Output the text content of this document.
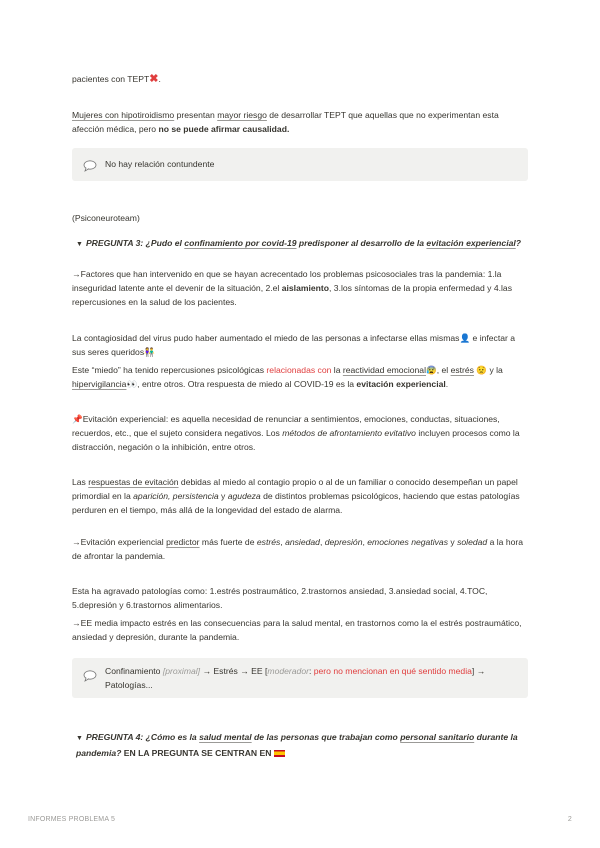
pacientes con TEPT✖.

Mujeres con hipotiroidismo presentan mayor riesgo de desarrollar TEPT que aquellas que no experimentan esta afección médica, pero no se puede afirmar causalidad.

No hay relación contundente

(Psiconeuroteam)

▼ PREGUNTA 3: ¿Pudo el confinamiento por covid-19 predisponer al desarrollo de la evitación experiencial?

→Factores que han intervenido en que se hayan acrecentado los problemas psicosociales tras la pandemia: 1.la inseguridad latente ante el devenir de la situación, 2.el aislamiento, 3.los síntomas de la propia enfermedad y 4.las repercusiones en la salud de los pacientes.

La contagiosidad del virus pudo haber aumentado el miedo de las personas a infectarse ellas mismas👤 e infectar a sus seres queridos👫

Este “miedo” ha tenido repercusiones psicológicas relacionadas con la reactividad emocional😰, el estrés 😟 y la hipervigilancia👀, entre otros. Otra respuesta de miedo al COVID-19 es la evitación experiencial.

📌Evitación experiencial: es aquella necesidad de renunciar a sentimientos, emociones, conductas, situaciones, recuerdos, etc., que el sujeto considera negativos. Los métodos de afrontamiento evitativo incluyen procesos como la distracción, negación o la inhibición, entre otros.

Las respuestas de evitación debidas al miedo al contagio propio o al de un familiar o conocido desempeñan un papel primordial en la aparición, persistencia y agudeza de distintos problemas psicológicos, haciendo que estas patologías perduren en el tiempo, más allá de la longevidad del estado de alarma.

→Evitación experiencial predictor más fuerte de estrés, ansiedad, depresión, emociones negativas y soledad a la hora de afrontar la pandemia.

Esta ha agravado patologías como: 1.estrés postraumático, 2.trastornos ansiedad, 3.ansiedad social, 4.TOC, 5.depresión y 6.trastornos alimentarios.

→EE media impacto estrés en las consecuencias para la salud mental, en trastornos como la el estrés postraumático, ansiedad y depresión, durante la pandemia.

Confinamiento [proximal] → Estrés → EE [moderador: pero no mencionan en qué sentido media] → Patologías...

▼ PREGUNTA 4: ¿Cómo es la salud mental de las personas que trabajan como personal sanitario durante la pandemia? EN LA PREGUNTA SE CENTRAN EN

INFORMES PROBLEMA 5	2
